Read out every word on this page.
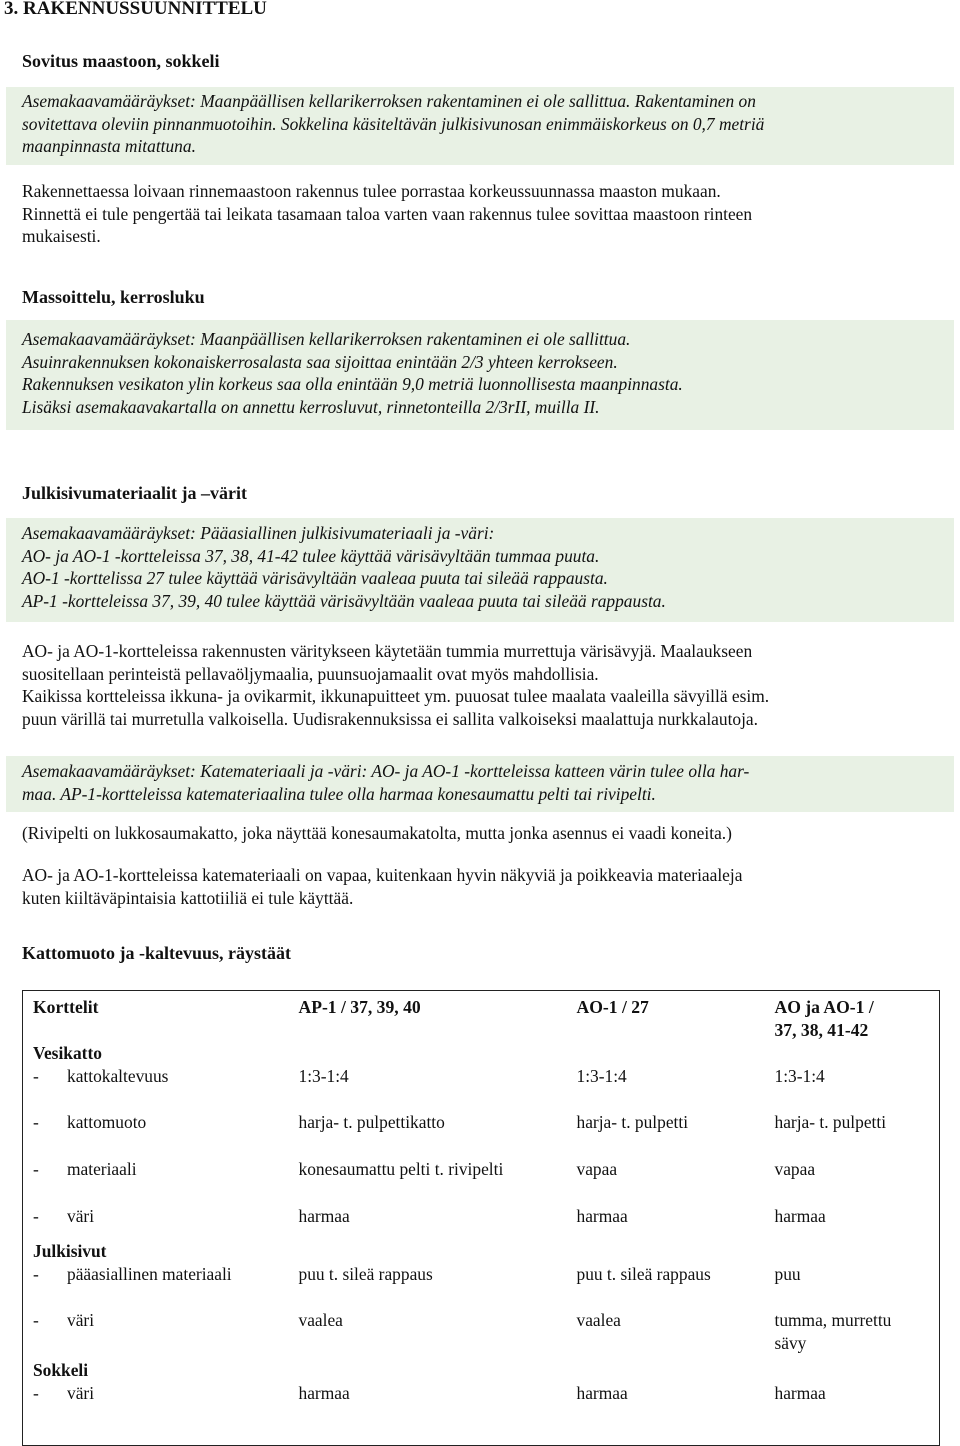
3. RAKENNUSSUUNNITTELU
Sovitus maastoon, sokkeli

Asemakaavamääräykset: Maanpäällisen kellarikerroksen rakentaminen ei ole sallittua. Rakentaminen on
sovitettava oleviin pinnanmuotoihin. Sokkelina käsiteltävän julkisivunosan enimmäiskorkeus on 0,7 metriä
maanpinnasta mitattuna.

Rakennettaessa loivaan rinnemaastoon rakennus tulee porrastaa korkeussuunnassa maaston mukaan.
Rinnettä ei tule pengertää tai leikata tasamaan taloa varten vaan rakennus tulee sovittaa maastoon rinteen
mukaisesti.

Massoittelu, kerrosluku

Asemakaavamääräykset: Maanpäällisen kellarikerroksen rakentaminen ei ole sallittua.
Asuinrakennuksen kokonaiskerrosalasta saa sijoittaa enintään 2/3 yhteen kerrokseen.
Rakennuksen vesikaton ylin korkeus saa olla enintään 9,0 metriä luonnollisesta maanpinnasta.
Lisäksi asemakaavakartalla on annettu kerrosluvut, rinnetonteilla 2/3rII, muilla II.

Julkisivumateriaalit ja –värit

Asemakaavamääräykset: Pääasiallinen julkisivumateriaali ja -väri:
AO- ja AO-1 -kortteleissa 37, 38, 41-42 tulee käyttää värisävyltään tummaa puuta.
AO-1 -korttelissa 27 tulee käyttää värisävyltään vaaleaa puuta tai sileää rappausta.
AP-1 -kortteleissa 37, 39, 40 tulee käyttää värisävyltään vaaleaa puuta tai sileää rappausta.

AO- ja AO-1-kortteleissa rakennusten väritykseen käytetään tummia murrettuja värisävyjä. Maalaukseen
suositellaan perinteistä pellavaöljymaalia, puunsuojamaalit ovat myös mahdollisia.
Kaikissa kortteleissa ikkuna- ja ovikarmit, ikkunapuitteet ym. puuosat tulee maalata vaaleilla sävyillä esim.
puun värillä tai murretulla valkoisella. Uudisrakennuksissa ei sallita valkoiseksi maalattuja nurkkalautoja.

Asemakaavamääräykset: Katemateriaali ja -väri: AO- ja AO-1 -kortteleissa katteen värin tulee olla har-
maa. AP-1-kortteleissa katemateriaalina tulee olla harmaa konesaumattu pelti tai rivipelti.

(Rivipelti on lukkosaumakatto, joka näyttää konesaumakatolta, mutta jonka asennus ei vaadi koneita.)

AO- ja AO-1-kortteleissa katemateriaali on vapaa, kuitenkaan hyvin näkyviä ja poikkeavia materiaaleja
kuten kiiltäväpintaisia kattotiiliä ei tule käyttää.

Kattomuoto ja -kaltevuus, räystäät
Korttelit	AP-1 / 37, 39, 40	AO-1 / 27	AO ja AO-1 / 37, 38, 41-42

Vesikatto
- kattokaltevuus	1:3-1:4	1:3-1:4	1:3-1:4
- kattomuoto	harja- t. pulpettikatto	harja- t. pulpetti	harja- t. pulpetti
- materiaali	konesaumattu pelti t. rivipelti	vapaa	vapaa
- väri	harmaa	harmaa	harmaa

Julkisivut
- pääasiallinen materiaali	puu t. sileä rappaus	puu t. sileä rappaus	puu
- väri	vaalea	vaalea	tumma, murrettu sävy

Sokkeli
- väri	harmaa	harmaa	harmaa
